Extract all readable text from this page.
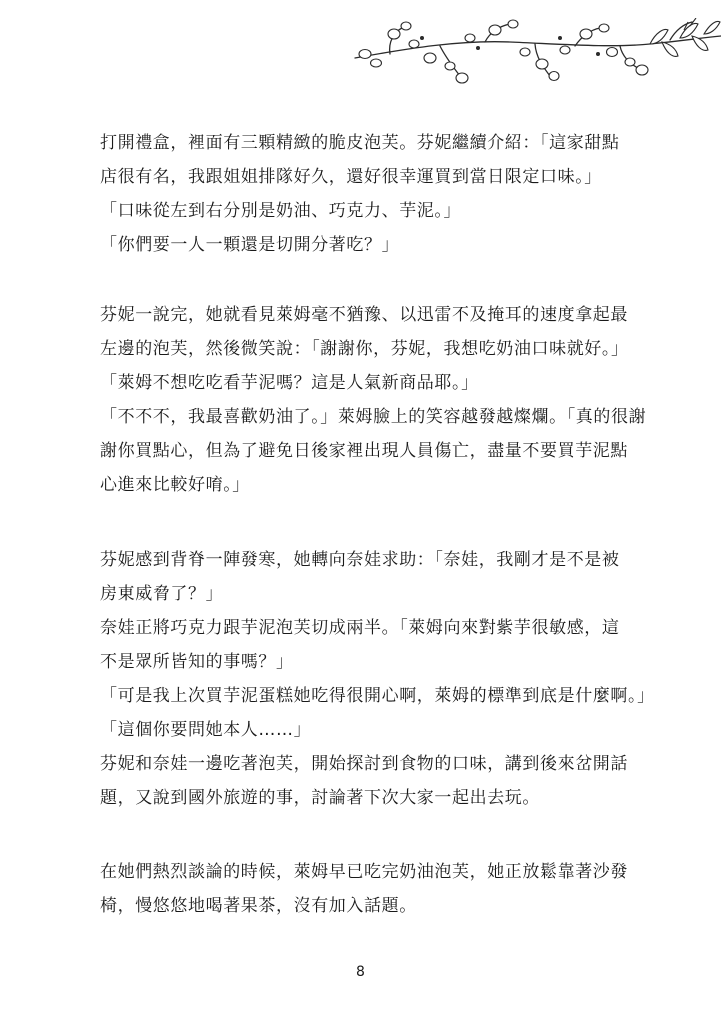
打開禮盒，裡面有三顆精緻的脆皮泡芙。芬妮繼續介紹：「這家甜點
店很有名，我跟姐姐排隊好久，還好很幸運買到當日限定口味。」
「口味從左到右分別是奶油、巧克力、芋泥。」
「你們要一人一顆還是切開分著吃？」
芬妮一說完，她就看見萊姆毫不猶豫、以迅雷不及掩耳的速度拿起最
左邊的泡芙，然後微笑說：「謝謝你，芬妮，我想吃奶油口味就好。」
「萊姆不想吃吃看芋泥嗎？這是人氣新商品耶。」
「不不不，我最喜歡奶油了。」萊姆臉上的笑容越發越燦爛。「真的很謝
謝你買點心，但為了避免日後家裡出現人員傷亡，盡量不要買芋泥點
心進來比較好唷。」
芬妮感到背脊一陣發寒，她轉向奈娃求助：「奈娃，我剛才是不是被
房東威脅了？」
奈娃正將巧克力跟芋泥泡芙切成兩半。「萊姆向來對紫芋很敏感，這
不是眾所皆知的事嗎？」
「可是我上次買芋泥蛋糕她吃得很開心啊，萊姆的標準到底是什麼啊。」
「這個你要問她本人……」
芬妮和奈娃一邊吃著泡芙，開始探討到食物的口味，講到後來岔開話
題，又說到國外旅遊的事，討論著下次大家一起出去玩。
在她們熱烈談論的時候，萊姆早已吃完奶油泡芙，她正放鬆靠著沙發
椅，慢悠悠地喝著果茶，沒有加入話題。
8
